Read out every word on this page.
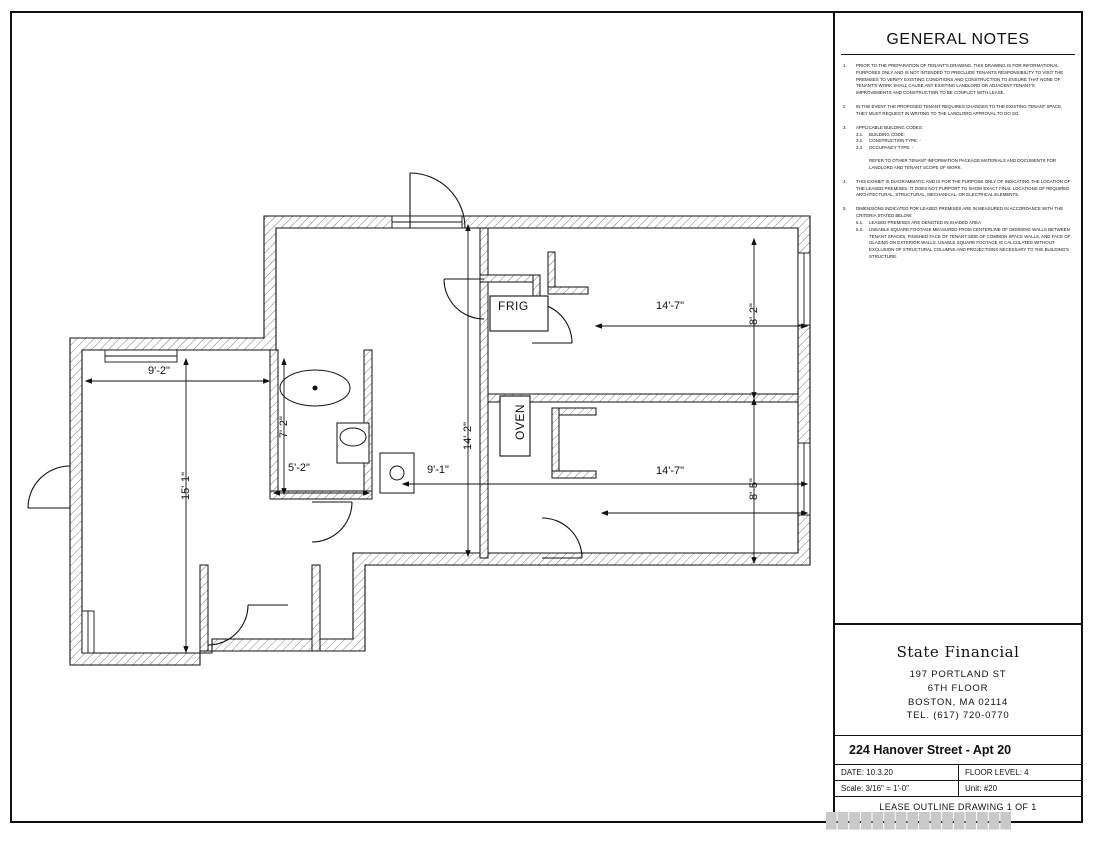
FRIG
OVEN
9'-2"
15'-1"
7'-2"
5'-2"
14'-2"
9'-1"
14'-7"	8'-2"
14'-7"
8'-5"
GENERAL NOTES
1.	PRIOR TO THE PREPARATION OF TENANT'S DRAWING. THIS DRAWING IS FOR INFORMATIONAL PURPOSES ONLY AND IS NOT INTENDED TO PRECLUDE TENANTS RESPONSIBILITY TO VISIT THE PREMISES TO VERIFY EXISTING CONDITIONS AND CONSTRUCTION TO ENSURE THAT NONE OF TENANT'S WORK SHALL CAUSE ANY EXISTING LANDLORD OR ADJACENT TENANT'S IMPROVEMENTS AND CONSTRUCTION TO BE CONFLICT WITH LEASE.
2.	IN THE EVENT THE PROPOSED TENANT REQUIRES CHANGES TO THE EXISTING TENANT SPACE, THEY MUST REQUEST IN WRITING TO THE LANDLORD APPROVAL TO DO SO.
3.	APPLICABLE BUILDING CODES:
3.1.	BUILDING CODE:
3.2.	CONSTRUCTION TYPE: -
3.3.	OCCUPANCY TYPE: -
REFER TO OTHER TENANT INFORMATION PACKAGE MATERIALS AND DOCUMENTS FOR LANDLORD AND TENANT SCOPE OF WORK.
4.	THIS EXHIBIT IS DIAGRAMMATIC AND IS FOR THE PURPOSE ONLY OF INDICATING THE LOCATION OF THE LEASED PREMISES. IT DOES NOT PURPORT TO SHOW EXACT FINAL LOCATIONS OF REQUIRED ARCHITECTURAL, STRUCTURAL, MECHANICAL, OR ELECTRICAL ELEMENTS.
5.	DIMENSIONS INDICATED FOR LEASED PREMISES ARE IN MEASURED IN ACCORDANCE WITH THE CRITERIA STATED BELOW:
5.1.	LEASED PREMISES ARE DENOTED IN SHADED AREA
5.2.	USEABLE SQUARE FOOTAGE MEASURED FROM CENTERLINE OF DEMISING WALLS BETWEEN TENANT SPACES, FINISHED FACE OF TENANT SIDE OF COMMON SPACE WALLS, AND FACE OF GLAZING ON EXTERIOR WALLS. USABLE SQUARE FOOTAGE IS CALCULATED WITHOUT EXCLUSION OF STRUCTURAL COLUMNS AND PROJECTIONS NECESSARY TO THE BUILDING'S STRUCTURE.
State Financial
197 PORTLAND ST
6TH FLOOR
BOSTON, MA 02114
TEL. (617) 720-0770
224 Hanover Street - Apt 20
DATE: 10.3.20	FLOOR LEVEL: 4
Scale: 3/16" = 1'-0"	Unit: #20
LEASE OUTLINE DRAWING 1 OF 1
████████████████
